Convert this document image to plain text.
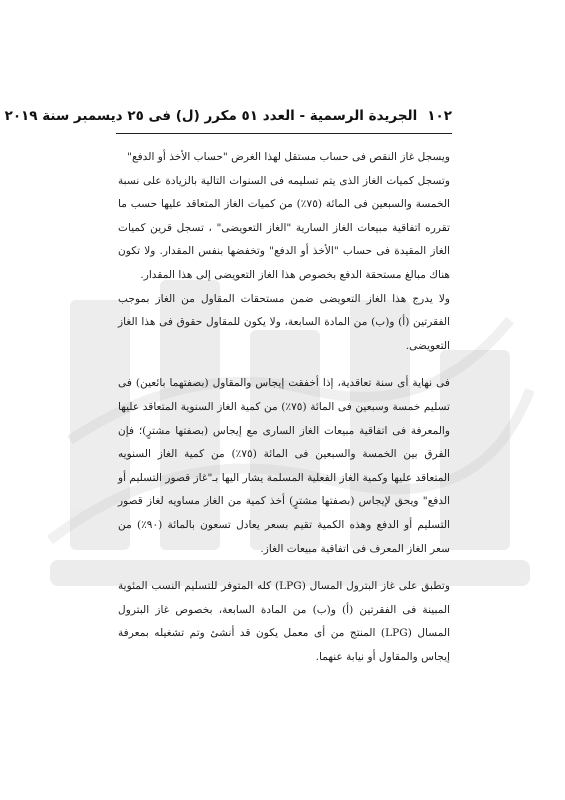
١٠٢
الجريدة الرسمية - العدد ٥١ مكرر (ل) فى ٢٥ ديسمبر سنة ٢٠١٩

ويسجل غاز النقص فى حساب مستقل لهذا الغرض "حساب الأخذ أو الدفع"

وتسجل كميات الغاز الذى يتم تسليمه فى السنوات التالية بالزيادة على نسبة الخمسة والسبعين فى المائة (٧٥٪) من كميات الغاز المتعاقد عليها حسب ما تقرره اتفاقية مبيعات الغاز السارية "الغاز التعويضى" ، تسجل قرين كميات الغاز المقيدة فى حساب "الأخذ أو الدفع" وتخفضها بنفس المقدار. ولا تكون هناك مبالغ مستحقة الدفع بخصوص هذا الغاز التعويضى إلى هذا المقدار.

ولا يدرج هذا الغاز التعويضى ضمن مستحقات المقاول من الغاز بموجب الفقرتين (أ) و(ب) من المادة السابعة، ولا يكون للمقاول حقوق فى هذا الغاز التعويضى.

فى نهاية أى سنة تعاقدية، إذا أخفقت إيجاس والمقاول (بصفتهما بائعين) فى تسليم خمسة وسبعين فى المائة (٧٥٪) من كمية الغاز السنوية المتعاقد عليها والمعرفة فى اتفاقية مبيعات الغاز السارى مع إيجاس (بصفتها مشترٍ)؛ فإن الفرق بين الخمسة والسبعين فى المائة (٧٥٪) من كمية الغاز السنويه المتعاقد عليها وكمية الغاز الفعلية المسلمة يشار اليها بـ"غاز قصور التسليم أو الدفع" ويحق لإيجاس (بصفتها مشترٍ) أخذ كمية من الغاز مساويه لغاز قصور التسليم أو الدفع وهذه الكمية تقيم بسعر يعادل تسعون بالمائة (٩٠٪) من سعر الغاز المعرف فى اتفاقية مبيعات الغاز.

وتطبق على غاز البترول المسال (LPG) كله المتوفر للتسليم النسب المئوية المبينة فى الفقرتين (أ) و(ب) من المادة السابعة، بخصوص غاز البترول المسال (LPG) المنتج من أى معمل يكون قد أنشئ وتم تشغيله بمعرفة إيجاس والمقاول أو نيابة عنهما.
